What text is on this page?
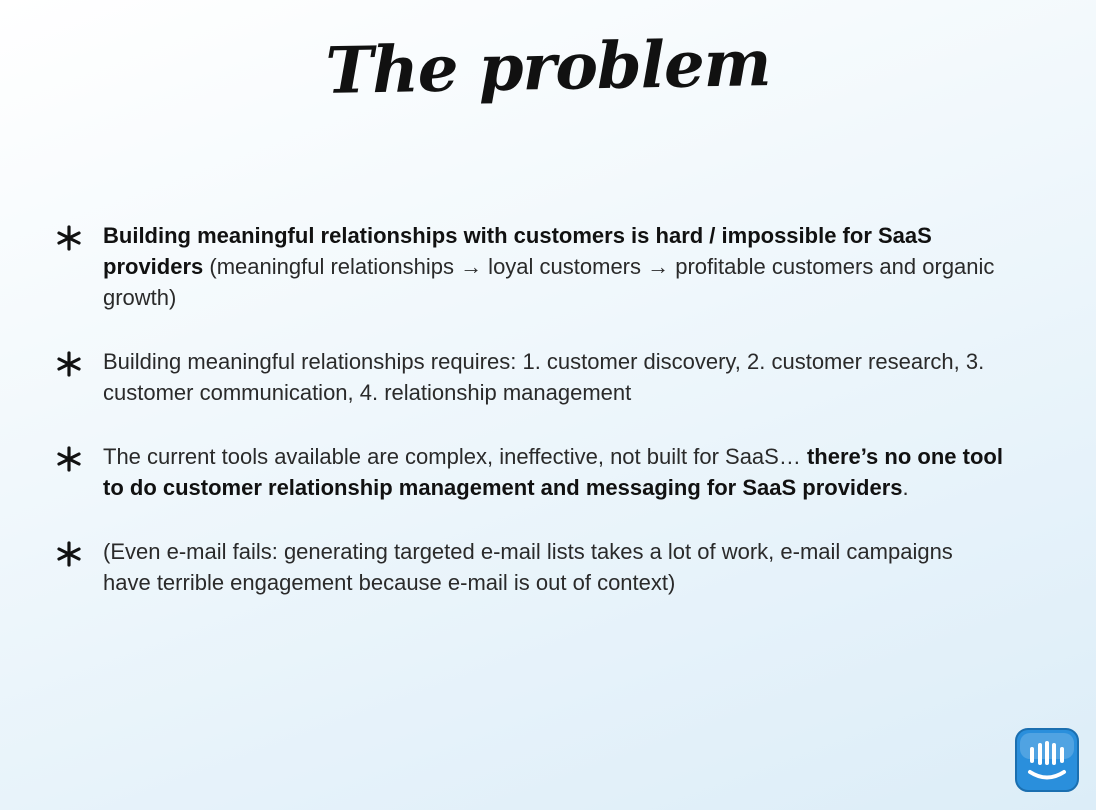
The problem
Building meaningful relationships with customers is hard / impossible for SaaS providers (meaningful relationships → loyal customers → profitable customers and organic growth)
Building meaningful relationships requires: 1. customer discovery, 2. customer research, 3. customer communication, 4. relationship management
The current tools available are complex, ineffective, not built for SaaS… there’s no one tool to do customer relationship management and messaging for SaaS providers.
(Even e-mail fails: generating targeted e-mail lists takes a lot of work, e-mail campaigns have terrible engagement because e-mail is out of context)
